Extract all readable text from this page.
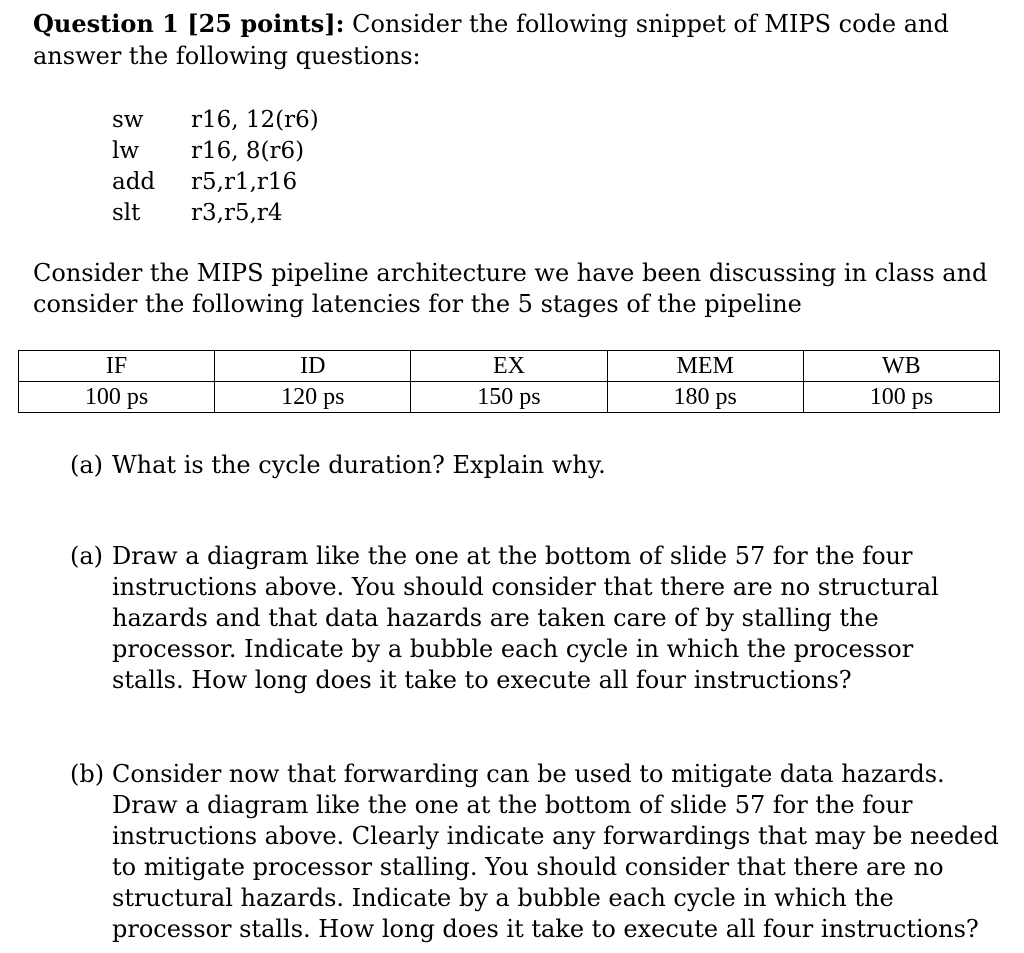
Question 1 [25 points]: Consider the following snippet of MIPS code and answer the following questions:
sw	r16, 12(r6)
lw	r16, 8(r6)
add	r5,r1,r16
slt	r3,r5,r4
Consider the MIPS pipeline architecture we have been discussing in class and consider the following latencies for the 5 stages of the pipeline
IF	ID	EX	MEM	WB
100 ps	120 ps	150 ps	180 ps	100 ps
(a) What is the cycle duration? Explain why.
(a) Draw a diagram like the one at the bottom of slide 57 for the four instructions above. You should consider that there are no structural hazards and that data hazards are taken care of by stalling the processor. Indicate by a bubble each cycle in which the processor stalls. How long does it take to execute all four instructions?
(b) Consider now that forwarding can be used to mitigate data hazards. Draw a diagram like the one at the bottom of slide 57 for the four instructions above. Clearly indicate any forwardings that may be needed to mitigate processor stalling. You should consider that there are no structural hazards. Indicate by a bubble each cycle in which the processor stalls. How long does it take to execute all four instructions?
